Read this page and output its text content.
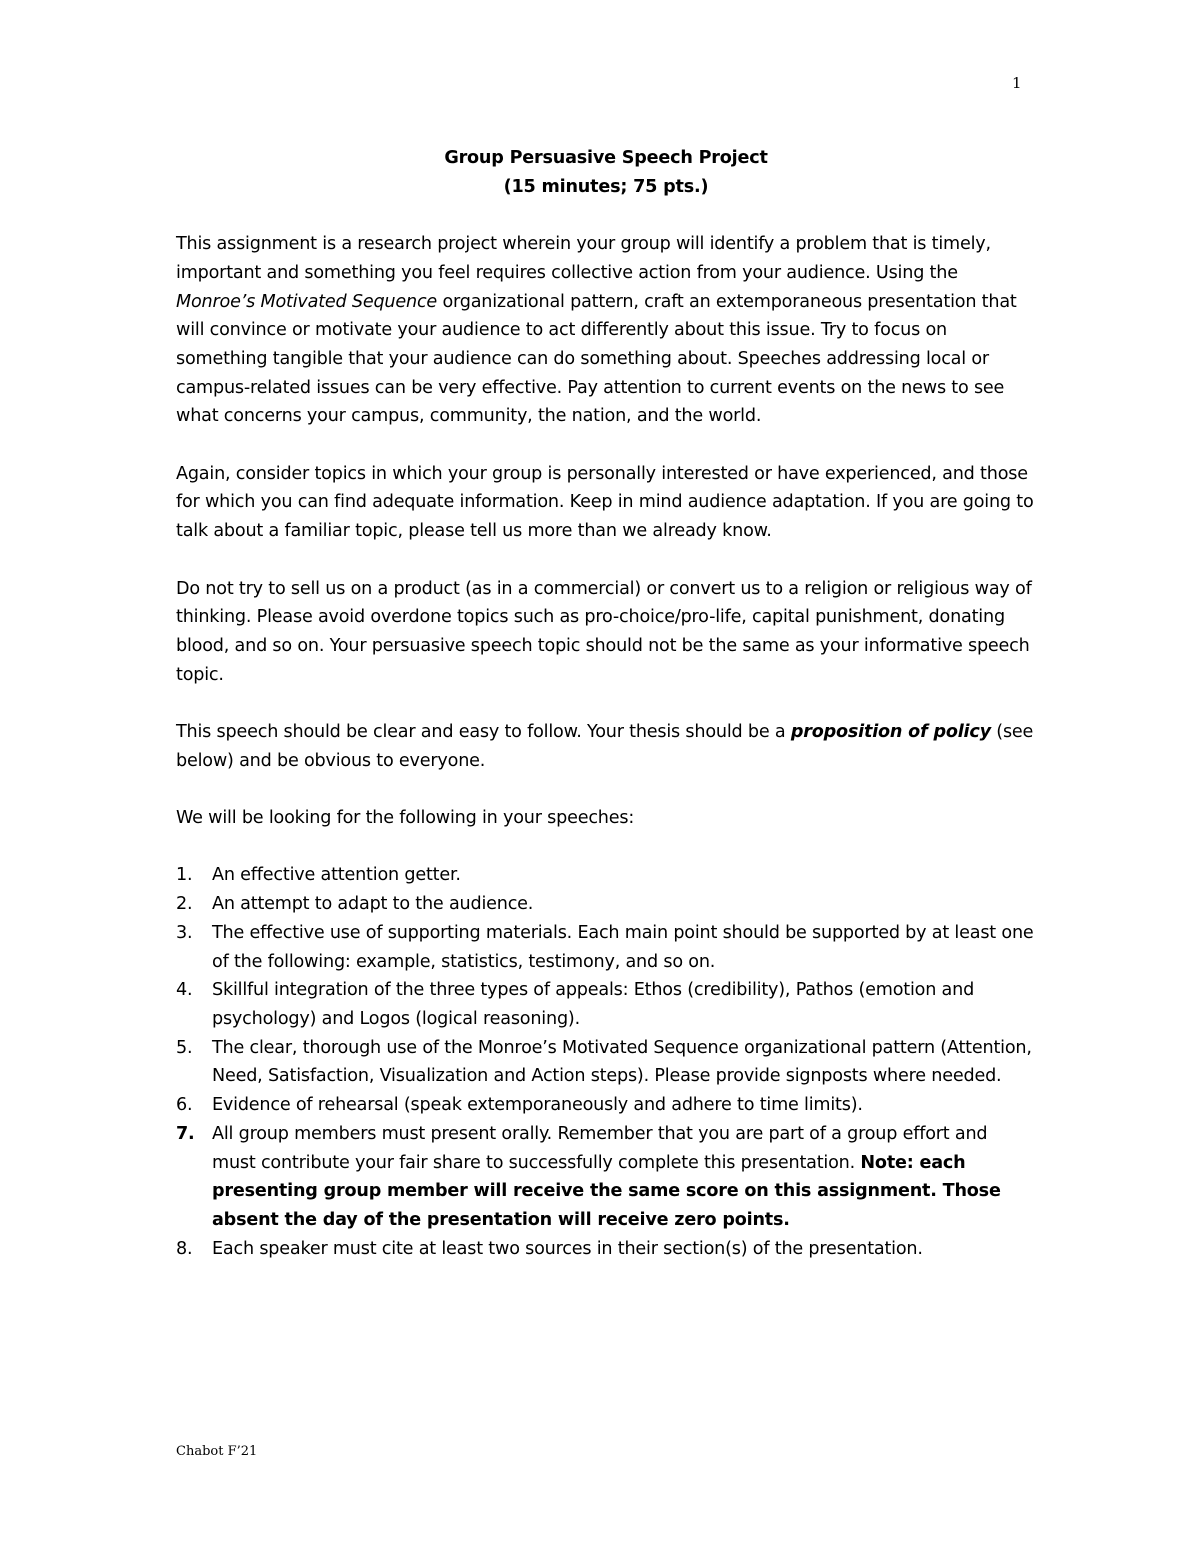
1
Group Persuasive Speech Project
(15 minutes; 75 pts.)

This assignment is a research project wherein your group will identify a problem that is timely, important and something you feel requires collective action from your audience. Using the Monroe’s Motivated Sequence organizational pattern, craft an extemporaneous presentation that will convince or motivate your audience to act differently about this issue. Try to focus on something tangible that your audience can do something about. Speeches addressing local or campus-related issues can be very effective. Pay attention to current events on the news to see what concerns your campus, community, the nation, and the world.

Again, consider topics in which your group is personally interested or have experienced, and those for which you can find adequate information. Keep in mind audience adaptation. If you are going to talk about a familiar topic, please tell us more than we already know.

Do not try to sell us on a product (as in a commercial) or convert us to a religion or religious way of thinking. Please avoid overdone topics such as pro-choice/pro-life, capital punishment, donating blood, and so on. Your persuasive speech topic should not be the same as your informative speech topic.

This speech should be clear and easy to follow. Your thesis should be a proposition of policy (see below) and be obvious to everyone.

We will be looking for the following in your speeches:

1. An effective attention getter.
2. An attempt to adapt to the audience.
3. The effective use of supporting materials. Each main point should be supported by at least one of the following: example, statistics, testimony, and so on.
4. Skillful integration of the three types of appeals: Ethos (credibility), Pathos (emotion and psychology) and Logos (logical reasoning).
5. The clear, thorough use of the Monroe’s Motivated Sequence organizational pattern (Attention, Need, Satisfaction, Visualization and Action steps). Please provide signposts where needed.
6. Evidence of rehearsal (speak extemporaneously and adhere to time limits).
7. All group members must present orally. Remember that you are part of a group effort and must contribute your fair share to successfully complete this presentation. Note: each presenting group member will receive the same score on this assignment. Those absent the day of the presentation will receive zero points.
8. Each speaker must cite at least two sources in their section(s) of the presentation.
Chabot F’21
